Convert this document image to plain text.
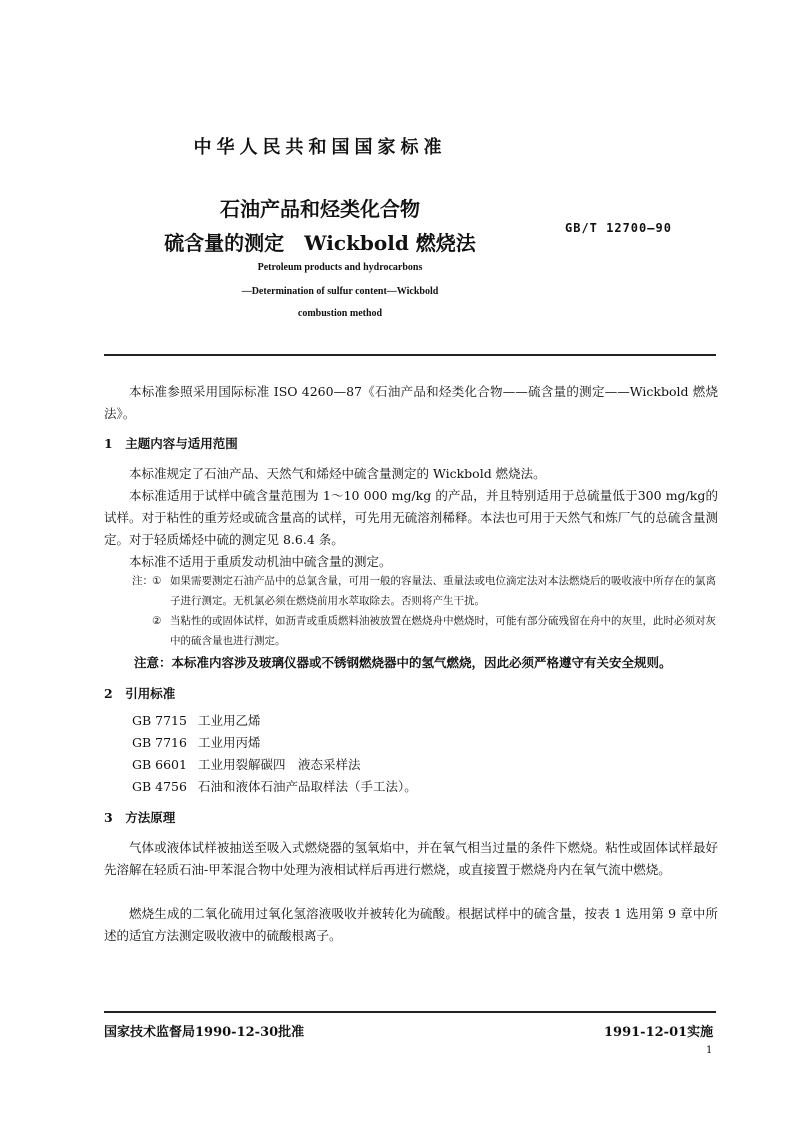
中华人民共和国国家标准
石油产品和烃类化合物
硫含量的测定　Wickbold 燃烧法
GB/T 12700—90
Petroleum products and hydrocarbons
—Determination of sulfur content—Wickbold
combustion method
本标准参照采用国际标准 ISO 4260—87《石油产品和烃类化合物——硫含量的测定——Wickbold 燃烧法》。
1　主题内容与适用范围
本标准规定了石油产品、天然气和烯烃中硫含量测定的 Wickbold 燃烧法。
本标准适用于试样中硫含量范围为 1～10 000 mg/kg 的产品，并且特别适用于总硫量低于300 mg/kg的试样。对于粘性的重芳烃或硫含量高的试样，可先用无硫溶剂稀释。本法也可用于天然气和炼厂气的总硫含量测定。对于轻质烯烃中硫的测定见 8.6.4 条。
本标准不适用于重质发动机油中硫含量的测定。
注： ① 如果需要测定石油产品中的总氯含量，可用一般的容量法、重量法或电位滴定法对本法燃烧后的吸收液中所存在的氯离子进行测定。无机氯必须在燃烧前用水萃取除去。否则将产生干扰。
② 当粘性的或固体试样，如沥青或重质燃料油被放置在燃烧舟中燃烧时，可能有部分硫残留在舟中的灰里，此时必须对灰中的硫含量也进行测定。
注意：本标准内容涉及玻璃仪器或不锈钢燃烧器中的氢气燃烧，因此必须严格遵守有关安全规则。
2　引用标准
GB 7715 工业用乙烯
GB 7716 工业用丙烯
GB 6601 工业用裂解碳四　液态采样法
GB 4756 石油和液体石油产品取样法（手工法）。
3　方法原理
气体或液体试样被抽送至吸入式燃烧器的氢氧焰中，并在氧气相当过量的条件下燃烧。粘性或固体试样最好先溶解在轻质石油-甲苯混合物中处理为液相试样后再进行燃烧，或直接置于燃烧舟内在氧气流中燃烧。
燃烧生成的二氧化硫用过氧化氢溶液吸收并被转化为硫酸。根据试样中的硫含量，按表 1 选用第 9 章中所述的适宜方法测定吸收液中的硫酸根离子。
国家技术监督局1990-12-30批准	1991-12-01实施
1
